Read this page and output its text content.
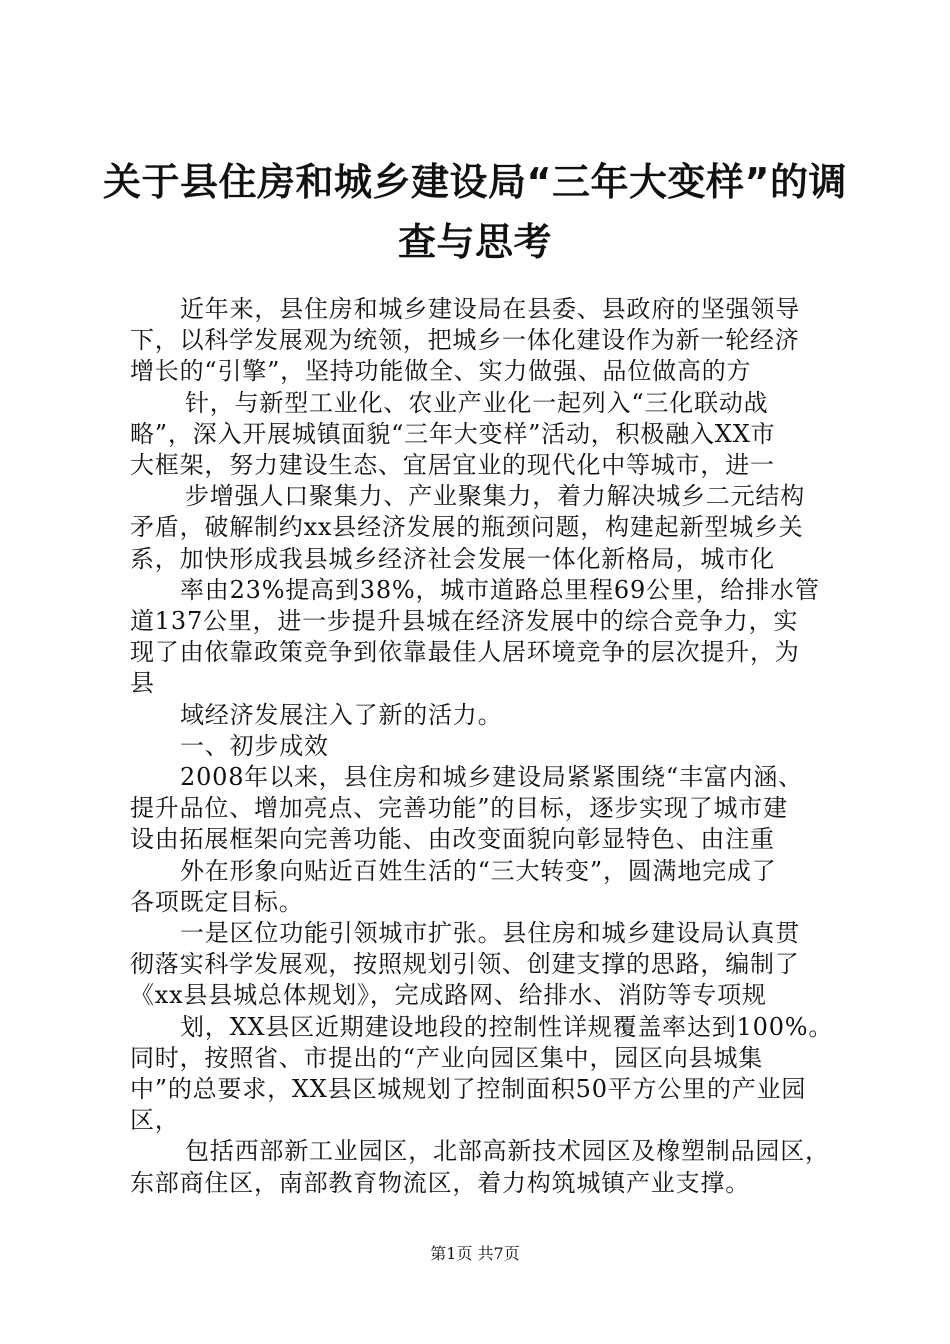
关于县住房和城乡建设局“三年大变样”的调
查与思考
近年来，县住房和城乡建设局在县委、县政府的坚强领导
下，以科学发展观为统领，把城乡一体化建设作为新一轮经济
增长的“引擎”，坚持功能做全、实力做强、品位做高的方
针，与新型工业化、农业产业化一起列入“三化联动战
略”，深入开展城镇面貌“三年大变样”活动，积极融入XX市
大框架，努力建设生态、宜居宜业的现代化中等城市，进一
步增强人口聚集力、产业聚集力，着力解决城乡二元结构
矛盾，破解制约xx县经济发展的瓶颈问题，构建起新型城乡关
系，加快形成我县城乡经济社会发展一体化新格局，城市化
率由23%提高到38%，城市道路总里程69公里，给排水管
道137公里，进一步提升县城在经济发展中的综合竞争力，实
现了由依靠政策竞争到依靠最佳人居环境竞争的层次提升，为
县
域经济发展注入了新的活力。
一、初步成效
2008年以来，县住房和城乡建设局紧紧围绕“丰富内涵、
提升品位、增加亮点、完善功能”的目标，逐步实现了城市建
设由拓展框架向完善功能、由改变面貌向彰显特色、由注重
外在形象向贴近百姓生活的“三大转变”，圆满地完成了
各项既定目标。
一是区位功能引领城市扩张。县住房和城乡建设局认真贯
彻落实科学发展观，按照规划引领、创建支撑的思路，编制了
《xx县县城总体规划》，完成路网、给排水、消防等专项规
划，XX县区近期建设地段的控制性详规覆盖率达到100%。
同时，按照省、市提出的“产业向园区集中，园区向县城集
中”的总要求，XX县区城规划了控制面积50平方公里的产业园
区，
包括西部新工业园区，北部高新技术园区及橡塑制品园区，
东部商住区，南部教育物流区，着力构筑城镇产业支撑。
第1页 共7页
